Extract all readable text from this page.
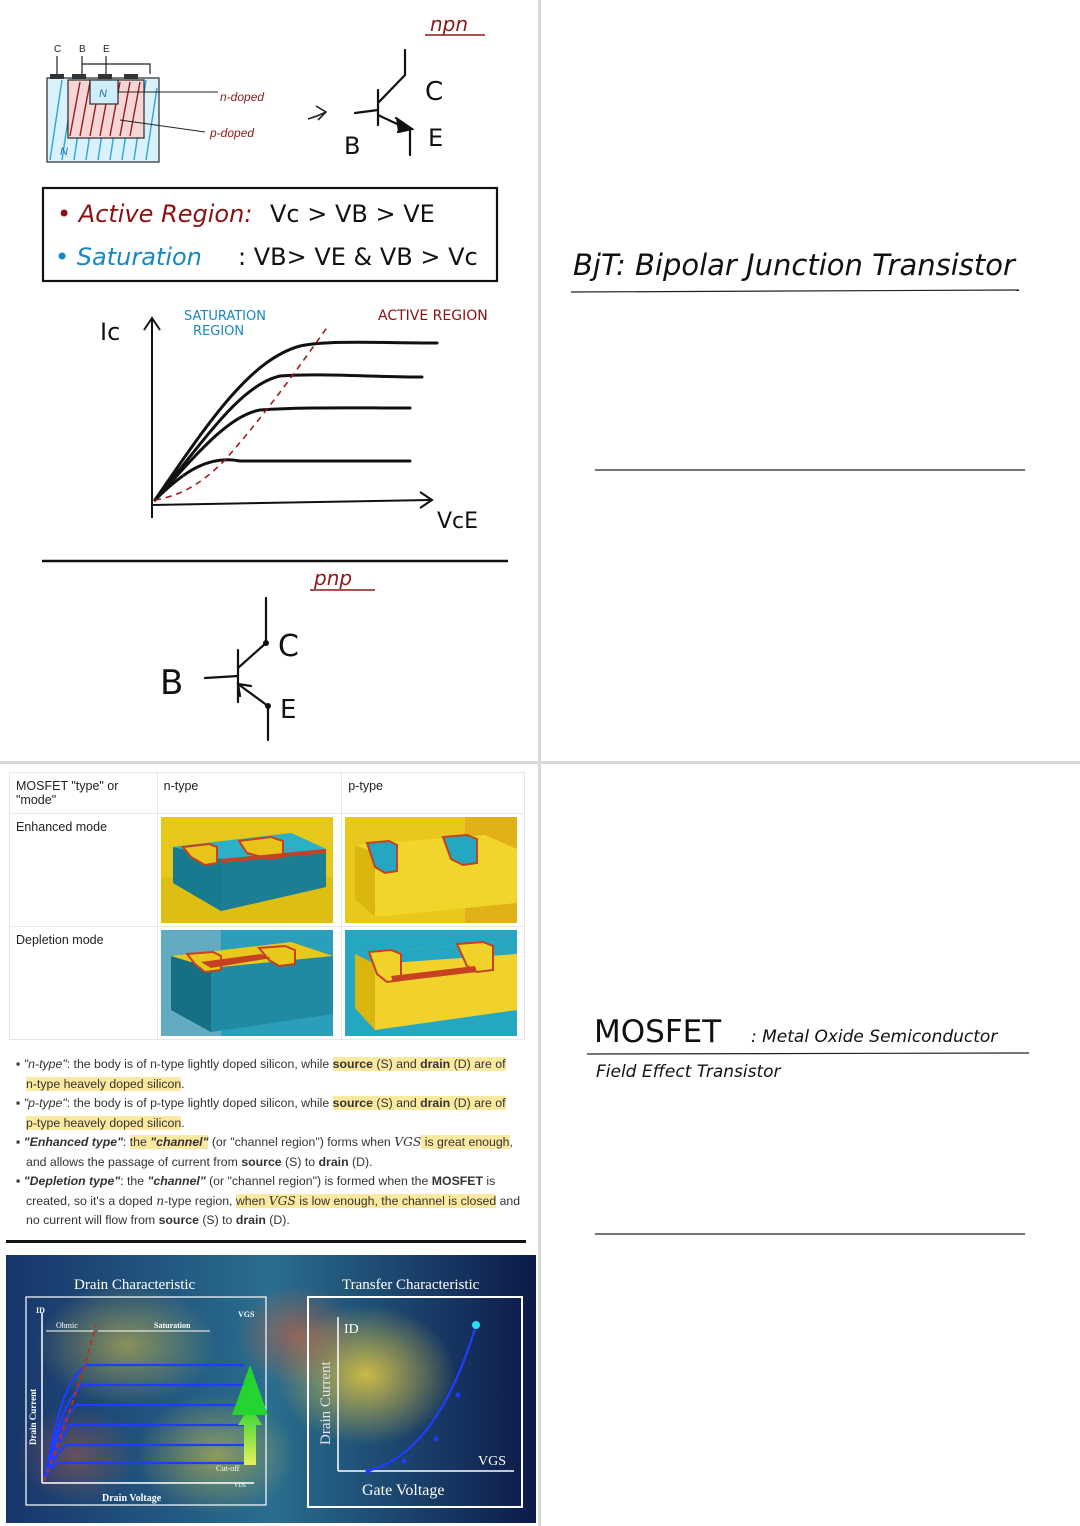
npn
C B E
N
N
n-doped
p-doped
C
B	E
• Active Region: Vc > VB > VE
• Saturation : VB> VE & VB > Vc
Ic
VcE
SATURATION
REGION
ACTIVE REGION
pnp
B
C
E
BjT: Bipolar Junction Transistor
MOSFET : Metal Oxide Semiconductor
Field Effect Transistor
MOSFET "type" or "mode"	n-type	p-type
Enhanced mode	

Depletion mode	

▪ "n-type": the body is of n-type lightly doped silicon, while source (S) and drain (D) are of
n-type heavely doped silicon.
▪ "p-type": the body is of p-type lightly doped silicon, while source (S) and drain (D) are of
p-type heavely doped silicon.
▪ "Enhanced type": the "channel" (or "channel region") forms when VGS is great enough, and allows the passage of current from source (S) to drain (D).
▪ "Depletion type": the "channel" (or "channel region") is formed when the MOSFET is created, so it's a doped n-type region, when VGS is low enough, the channel is closed and no current will flow from source (S) to drain (D).
Drain Characteristic	Transfer Characteristic
ID
Ohmic	Saturation
VGS
Cut-off
VDS
Drain Current
Drain Voltage
ID
VGS
Drain Current
Gate Voltage
